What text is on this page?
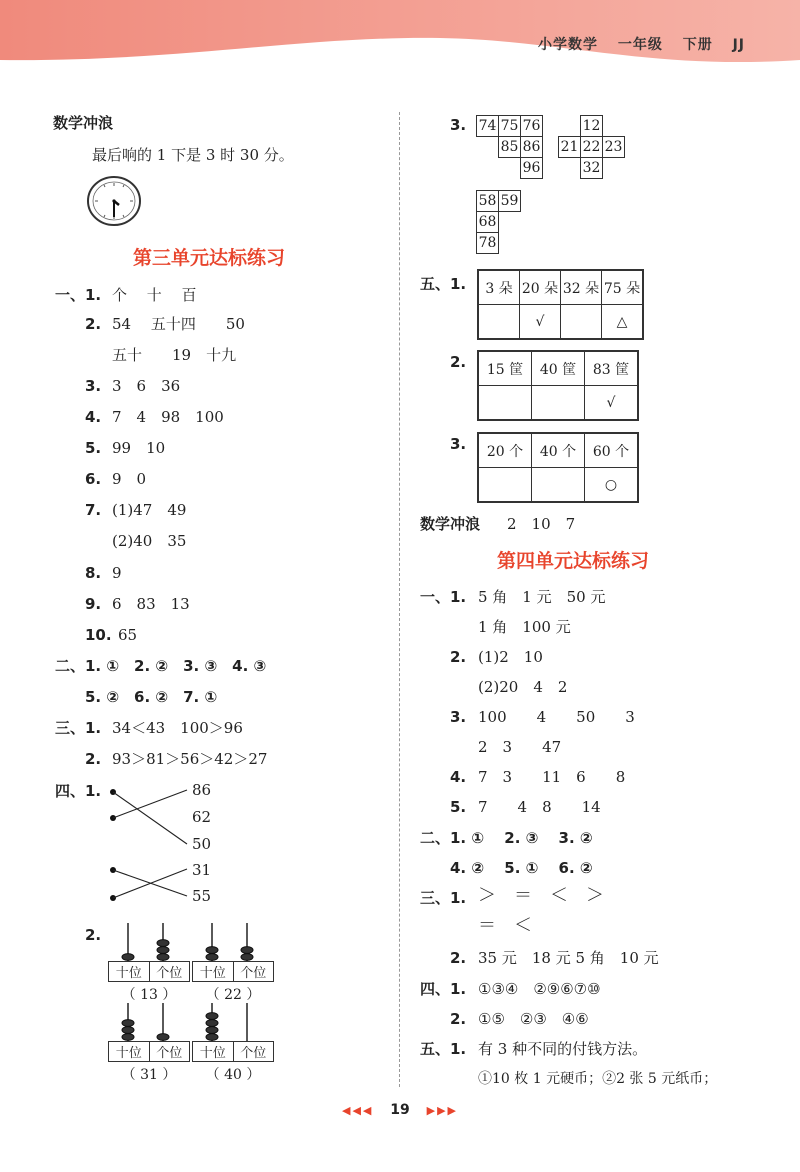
小学数学 一年级 下册 JJ
数学冲浪
最后响的 1 下是 3 时 30 分。
第三单元达标练习
一、 1. 个　 十　 百
2. 54　 五十四　　50
五十　　19　十九
3. 3　6　36
4. 7　4　98　100
5. 99　10
6. 9　0
7. (1)47　49
(2)40　35
8. 9
9. 6　83　13
10. 65
二、 1. ①　2. ②　3. ③　4. ③
5. ②　6. ②　7. ①
三、 1. 34＜43　100＞96
2. 93＞81＞56＞42＞27
四、 1.	86
62
50
31
55
2.
十位	个位
（ 13 ）
十位	个位
（ 22 ）
十位	个位
（ 31 ）
十位	个位
（ 40 ）
3. 74	75	76
	85	86
		96
	12	
21	22	23
	32	
58	59
68	
78	
五、 1. 3 朵	20 朵	32 朵	75 朵
	√		△
2. 15 筐	40 筐	83 筐
		√
3. 20 个	40 个	60 个
		○
数学冲浪 2　10　7
第四单元达标练习
一、 1. 5 角　1 元　50 元
1 角　100 元
2. (1)2　10
(2)20　4　2
3. 100　　4　　50　　3
2　3　　47
4. 7　3　　11　6　　8
5. 7　　4　8　　14
二、 1. ①　 2. ③　 3. ②
4. ②　 5. ①　 6. ②
三、 1. ＞　＝　＜　＞
＝　＜
2. 35 元　18 元 5 角　10 元
四、 1. ①③④　②⑨⑥⑦⑩
2. ①⑤　②③　④⑥
五、 1. 有 3 种不同的付钱方法。
①10 枚 1 元硬币；②2 张 5 元纸币；
◀◀◀ 19 ▶▶▶
